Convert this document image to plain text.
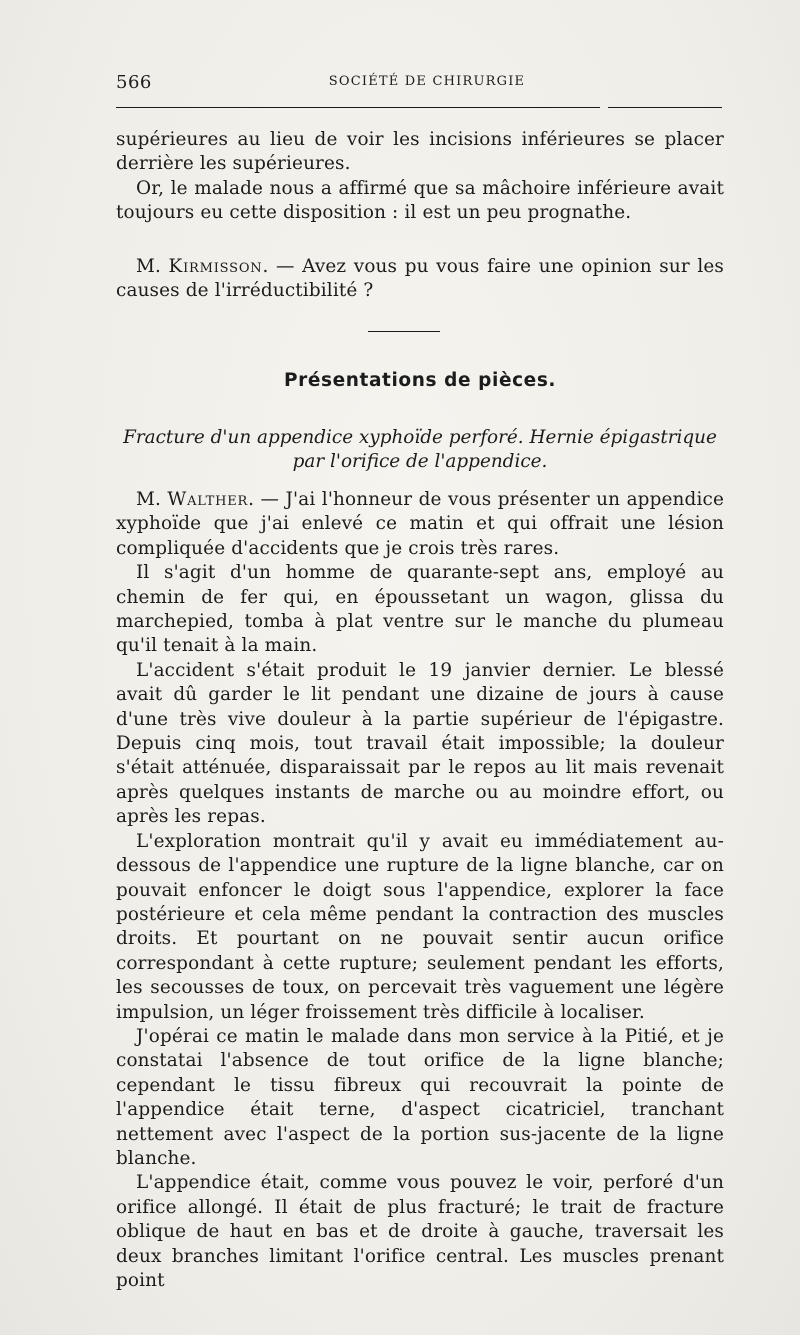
566	SOCIÉTÉ DE CHIRURGIE

supérieures au lieu de voir les incisions inférieures se placer derrière les supérieures.

Or, le malade nous a affirmé que sa mâchoire inférieure avait toujours eu cette disposition : il est un peu prognathe.

M. Kirmisson. — Avez vous pu vous faire une opinion sur les causes de l'irréductibilité ?

Présentations de pièces.
Fracture d'un appendice xyphoïde perforé. Hernie épigastrique
par l'orifice de l'appendice.

M. Walther. — J'ai l'honneur de vous présenter un appendice xyphoïde que j'ai enlevé ce matin et qui offrait une lésion compliquée d'accidents que je crois très rares.

Il s'agit d'un homme de quarante-sept ans, employé au chemin de fer qui, en époussetant un wagon, glissa du marchepied, tomba à plat ventre sur le manche du plumeau qu'il tenait à la main.

L'accident s'était produit le 19 janvier dernier. Le blessé avait dû garder le lit pendant une dizaine de jours à cause d'une très vive douleur à la partie supérieur de l'épigastre. Depuis cinq mois, tout travail était impossible; la douleur s'était atténuée, disparaissait par le repos au lit mais revenait après quelques instants de marche ou au moindre effort, ou après les repas.

L'exploration montrait qu'il y avait eu immédiatement au-dessous de l'appendice une rupture de la ligne blanche, car on pouvait enfoncer le doigt sous l'appendice, explorer la face postérieure et cela même pendant la contraction des muscles droits. Et pourtant on ne pouvait sentir aucun orifice correspondant à cette rupture; seulement pendant les efforts, les secousses de toux, on percevait très vaguement une légère impulsion, un léger froissement très difficile à localiser.

J'opérai ce matin le malade dans mon service à la Pitié, et je constatai l'absence de tout orifice de la ligne blanche; cependant le tissu fibreux qui recouvrait la pointe de l'appendice était terne, d'aspect cicatriciel, tranchant nettement avec l'aspect de la portion sus-jacente de la ligne blanche.

L'appendice était, comme vous pouvez le voir, perforé d'un orifice allongé. Il était de plus fracturé; le trait de fracture oblique de haut en bas et de droite à gauche, traversait les deux branches limitant l'orifice central. Les muscles prenant point
